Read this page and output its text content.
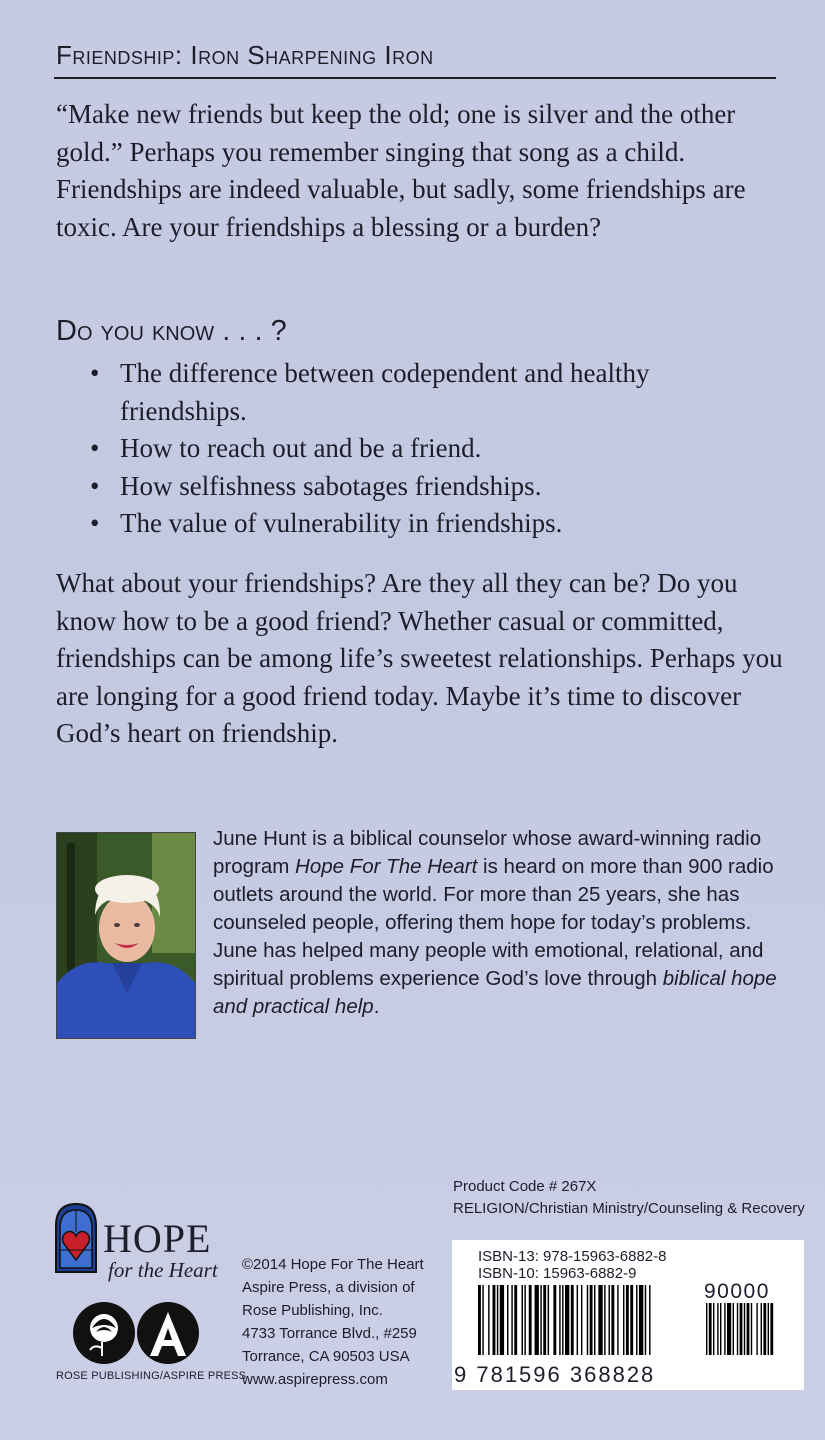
Friendship: Iron Sharpening Iron
“Make new friends but keep the old; one is silver and the other gold.” Perhaps you remember singing that song as a child. Friendships are indeed valuable, but sadly, some friendships are toxic. Are your friendships a blessing or a burden?
Do you know . . . ?
• The difference between codependent and healthy friendships.
• How to reach out and be a friend.
• How selfishness sabotages friendships.
• The value of vulnerability in friendships.
What about your friendships? Are they all they can be? Do you know how to be a good friend? Whether casual or committed, friendships can be among life’s sweetest relationships. Perhaps you are longing for a good friend today. Maybe it’s time to discover God’s heart on friendship.
June Hunt is a biblical counselor whose award-winning radio program Hope For The Heart is heard on more than 900 radio outlets around the world. For more than 25 years, she has counseled people, offering them hope for today’s problems. June has helped many people with emotional, relational, and spiritual problems experience God’s love through biblical hope and practical help.
Product Code # 267X
RELIGION/Christian Ministry/Counseling & Recovery
HOPE
for the Heart
ROSE PUBLISHING/ASPIRE PRESS
©2014 Hope For The Heart
Aspire Press, a division of
Rose Publishing, Inc.
4733 Torrance Blvd., #259
Torrance, CA 90503 USA
www.aspirepress.com
ISBN-13: 978-15963-6882-8
ISBN-10: 15963-6882-9
90000
9 781596 368828
